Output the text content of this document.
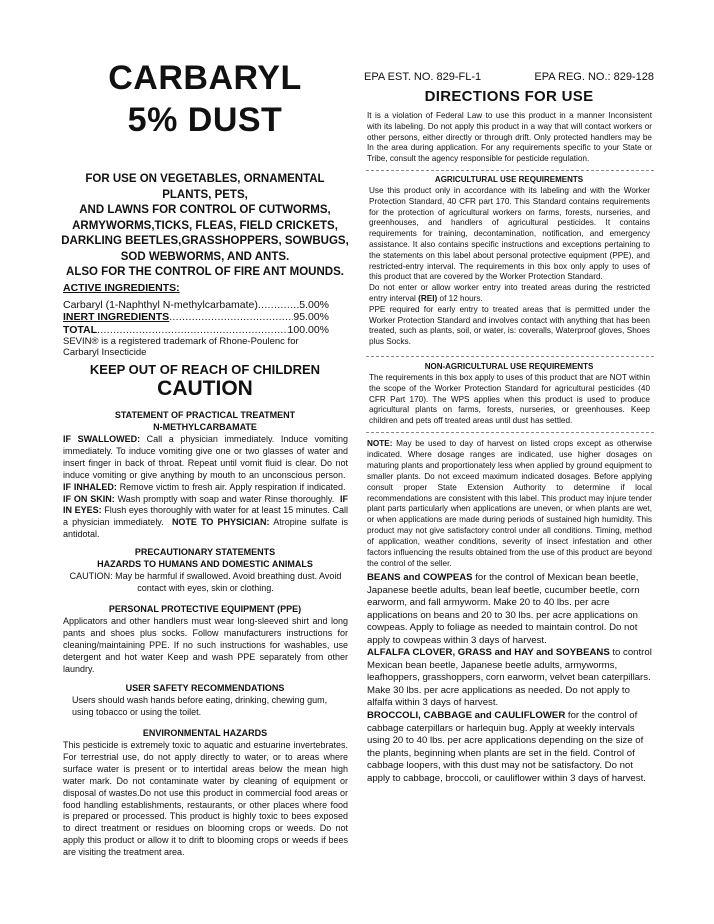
CARBARYL
5% DUST
FOR USE ON VEGETABLES, ORNAMENTAL
PLANTS, PETS,
AND LAWNS FOR CONTROL OF CUTWORMS,
ARMYWORMS,TICKS, FLEAS, FIELD CRICKETS,
DARKLING BEETLES,GRASSHOPPERS, SOWBUGS,
SOD WEBWORMS, AND ANTS.
ALSO FOR THE CONTROL OF FIRE ANT MOUNDS.
ACTIVE INGREDIENTS:
Carbaryl (1-Naphthyl N-methylcarbamate) .....	5.00%
INERT INGREDIENTS .....	95.00%
TOTAL .....	100.00%
SEVIN® is a registered trademark of Rhone-Poulenc for Carbaryl Insecticide
KEEP OUT OF REACH OF CHILDREN
CAUTION
STATEMENT OF PRACTICAL TREATMENT
N-METHYLCARBAMATE
IF SWALLOWED: Call a physician immediately. Induce vomiting immediately. To induce vomiting give one or two glasses of water and insert finger in back of throat. Repeat until vomit fluid is clear. Do not induce vomiting or give anything by mouth to an unconscious person.  IF INHALED: Remove victim to fresh air. Apply respiration if indicated.  IF ON SKIN: Wash promptly with soap and water Rinse thoroughly. IF IN EYES: Flush eyes thoroughly with water for at least 15 minutes. Call a physician immediately. NOTE TO PHYSICIAN: Atropine sulfate is antidotal.
PRECAUTIONARY STATEMENTS
HAZARDS TO HUMANS AND DOMESTIC ANIMALS
CAUTION: May be harmful if swallowed. Avoid breathing dust. Avoid contact with eyes, skin or clothing.
PERSONAL PROTECTIVE EQUIPMENT (PPE)
Applicators and other handlers must wear long-sleeved shirt and long pants and shoes plus socks. Follow manufacturers instructions for cleaning/maintaining PPE. If no such instructions for washables, use detergent and hot water Keep and wash PPE separately from other laundry.
USER SAFETY RECOMMENDATIONS
Users should wash hands before eating, drinking, chewing gum, using tobacco or using the toilet.
ENVIRONMENTAL HAZARDS
This pesticide is extremely toxic to aquatic and estuarine invertebrates. For terrestrial use, do not apply directly to water, or to areas where surface water is present or to intertidal areas below the mean high water mark. Do not contaminate water by cleaning of equipment or disposal of wastes.Do not use this product in commercial food areas or food handling establishments, restaurants, or other places where food is prepared or processed. This product is highly toxic to bees exposed to direct treatment or residues on blooming crops or weeds. Do not apply this product or allow it to drift to blooming crops or weeds if bees are visiting the treatment area.
EPA EST. NO. 829-FL-1	EPA REG. NO.: 829-128
DIRECTIONS FOR USE
It is a violation of Federal Law to use this product in a manner Inconsistent with its labeling. Do not apply this product in a way that will contact workers or other persons, either directly or through drift. Only protected handlers may be In the area during application. For any requirements specific to your State or Tribe, consult the agency responsible for pesticide regulation.
AGRICULTURAL USE REQUIREMENTS
Use this product only in accordance with its labeling and with the Worker Protection Standard, 40 CFR part 170. This Standard contains requirements for the protection of agricultural workers on farms, forests, nurseries, and greenhouses, and handlers of agricultural pesticides. It contains requirements for training, decontamination, notification, and emergency assistance. It also contains specific instructions and exceptions pertaining to the statements on this label about personal protective equipment (PPE), and restricted-entry interval. The requirements in this box only apply to uses of this product that are covered by the Worker Protection Standard.
Do not enter or allow worker entry into treated areas during the restricted entry interval (REI) of 12 hours.
PPE required for early entry to treated areas that is permitted under the Worker Protection Standard and involves contact with anything that has been treated, such as plants, soil, or water, is: coveralls, Waterproof gloves, Shoes plus Socks.
NON-AGRICULTURAL USE REQUIREMENTS
The requirements in this box apply to uses of this product that are NOT within the scope of the Worker Protection Standard for agricultural pesticides (40 CFR Part 170). The WPS applies when this product is used to produce agricultural plants on farms, forests, nurseries, or greenhouses. Keep children and pets off treated areas until dust has settled.
NOTE: May be used to day of harvest on listed crops except as otherwise indicated. Where dosage ranges are indicated, use higher dosages on maturing plants and proportionately less when applied by ground equipment to smaller plants. Do not exceed maximum indicated dosages. Before applying consult proper State Extension Authority to determine if local recommendations are consistent with this label. This product may injure tender plant parts particularly when applications are uneven, or when plants are wet, or when applications are made during periods of sustained high humidity. This product may not give satisfactory control under all conditions. Timing, method of application, weather conditions, severity of insect infestation and other factors influencing the results obtained from the use of this product are beyond the control of the seller.
BEANS and COWPEAS for the control of Mexican bean beetle, Japanese beetle adults, bean leaf beetle, cucumber beetle, corn earworm, and fall armyworm. Make 20 to 40 lbs. per acre applications on beans and 20 to 30 lbs. per acre applications on cowpeas. Apply to foliage as needed to maintain control. Do not apply to cowpeas within 3 days of harvest.
ALFALFA CLOVER, GRASS and HAY and SOYBEANS to control Mexican bean beetle, Japanese beetle adults, armyworms, leafhoppers, grasshoppers, corn earworm, velvet bean caterpillars. Make 30 lbs. per acre applications as needed. Do not apply to alfalfa within 3 days of harvest.
BROCCOLI, CABBAGE and CAULIFLOWER for the control of cabbage caterpillars or harlequin bug. Apply at weekly intervals using 20 to 40 lbs. per acre applications depending on the size of the plants, beginning when plants are set in the field. Control of cabbage loopers, with this dust may not be satisfactory. Do not apply to cabbage, broccoli, or cauliflower within 3 days of harvest.
